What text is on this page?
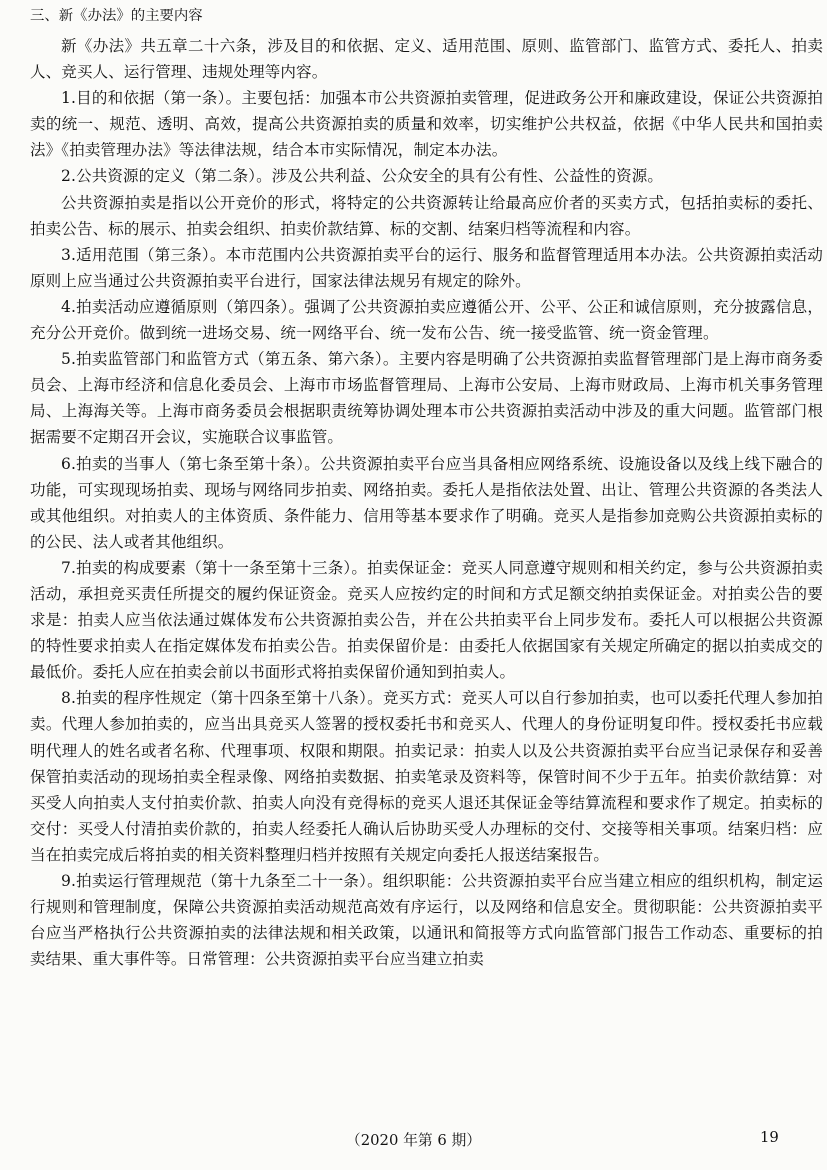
三、新《办法》的主要内容

新《办法》共五章二十六条，涉及目的和依据、定义、适用范围、原则、监管部门、监管方式、委托人、拍卖人、竞买人、运行管理、违规处理等内容。

1.目的和依据（第一条）。主要包括：加强本市公共资源拍卖管理，促进政务公开和廉政建设，保证公共资源拍卖的统一、规范、透明、高效，提高公共资源拍卖的质量和效率，切实维护公共权益，依据《中华人民共和国拍卖法》《拍卖管理办法》等法律法规，结合本市实际情况，制定本办法。

2.公共资源的定义（第二条）。涉及公共利益、公众安全的具有公有性、公益性的资源。

公共资源拍卖是指以公开竞价的形式，将特定的公共资源转让给最高应价者的买卖方式，包括拍卖标的委托、拍卖公告、标的展示、拍卖会组织、拍卖价款结算、标的交割、结案归档等流程和内容。

3.适用范围（第三条）。本市范围内公共资源拍卖平台的运行、服务和监督管理适用本办法。公共资源拍卖活动原则上应当通过公共资源拍卖平台进行，国家法律法规另有规定的除外。

4.拍卖活动应遵循原则（第四条）。强调了公共资源拍卖应遵循公开、公平、公正和诚信原则，充分披露信息，充分公开竞价。做到统一进场交易、统一网络平台、统一发布公告、统一接受监管、统一资金管理。

5.拍卖监管部门和监管方式（第五条、第六条）。主要内容是明确了公共资源拍卖监督管理部门是上海市商务委员会、上海市经济和信息化委员会、上海市市场监督管理局、上海市公安局、上海市财政局、上海市机关事务管理局、上海海关等。上海市商务委员会根据职责统筹协调处理本市公共资源拍卖活动中涉及的重大问题。监管部门根据需要不定期召开会议，实施联合议事监管。

6.拍卖的当事人（第七条至第十条）。公共资源拍卖平台应当具备相应网络系统、设施设备以及线上线下融合的功能，可实现现场拍卖、现场与网络同步拍卖、网络拍卖。委托人是指依法处置、出让、管理公共资源的各类法人或其他组织。对拍卖人的主体资质、条件能力、信用等基本要求作了明确。竞买人是指参加竞购公共资源拍卖标的的公民、法人或者其他组织。

7.拍卖的构成要素（第十一条至第十三条）。拍卖保证金：竞买人同意遵守规则和相关约定，参与公共资源拍卖活动，承担竞买责任所提交的履约保证资金。竞买人应按约定的时间和方式足额交纳拍卖保证金。对拍卖公告的要求是：拍卖人应当依法通过媒体发布公共资源拍卖公告，并在公共拍卖平台上同步发布。委托人可以根据公共资源的特性要求拍卖人在指定媒体发布拍卖公告。拍卖保留价是：由委托人依据国家有关规定所确定的据以拍卖成交的最低价。委托人应在拍卖会前以书面形式将拍卖保留价通知到拍卖人。

8.拍卖的程序性规定（第十四条至第十八条）。竞买方式：竞买人可以自行参加拍卖，也可以委托代理人参加拍卖。代理人参加拍卖的，应当出具竞买人签署的授权委托书和竞买人、代理人的身份证明复印件。授权委托书应载明代理人的姓名或者名称、代理事项、权限和期限。拍卖记录：拍卖人以及公共资源拍卖平台应当记录保存和妥善保管拍卖活动的现场拍卖全程录像、网络拍卖数据、拍卖笔录及资料等，保管时间不少于五年。拍卖价款结算：对买受人向拍卖人支付拍卖价款、拍卖人向没有竞得标的竞买人退还其保证金等结算流程和要求作了规定。拍卖标的交付：买受人付清拍卖价款的，拍卖人经委托人确认后协助买受人办理标的交付、交接等相关事项。结案归档：应当在拍卖完成后将拍卖的相关资料整理归档并按照有关规定向委托人报送结案报告。

9.拍卖运行管理规范（第十九条至二十一条）。组织职能：公共资源拍卖平台应当建立相应的组织机构，制定运行规则和管理制度，保障公共资源拍卖活动规范高效有序运行，以及网络和信息安全。贯彻职能：公共资源拍卖平台应当严格执行公共资源拍卖的法律法规和相关政策，以通讯和简报等方式向监管部门报告工作动态、重要标的拍卖结果、重大事件等。日常管理：公共资源拍卖平台应当建立拍卖

（2020 年第 6 期）	19
